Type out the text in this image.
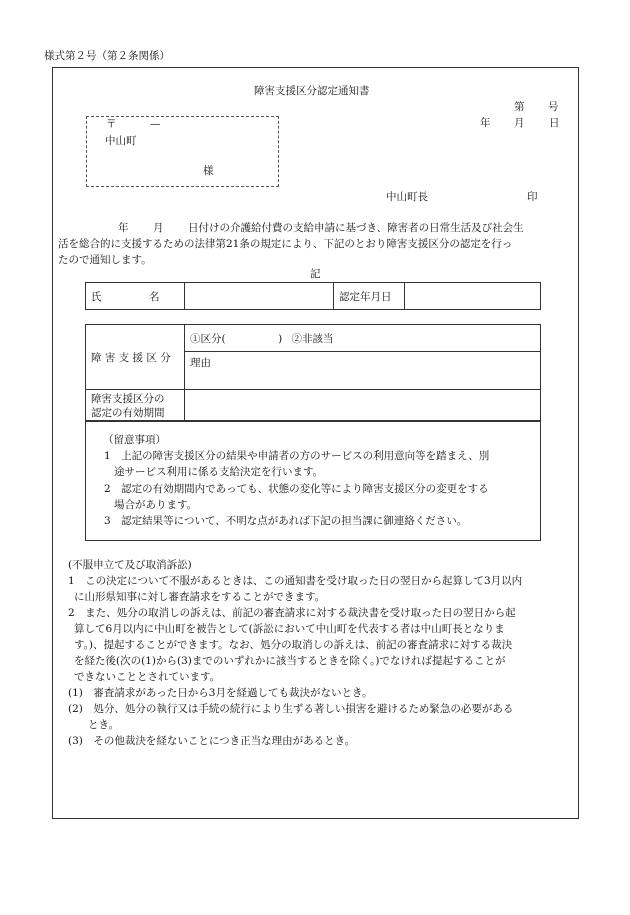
様式第２号（第２条関係）
障害支援区分認定通知書
第 号
年 月 日
〒	—
中山町
様
中山町長	印
年 月 日付けの介護給付費の支給申請に基づき、障害者の日常生活及び社会生
活を総合的に支援するための法律第21条の規定により、下記のとおり障害支援区分の認定を行っ
たので通知します。
記
氏	名		認定年月日	
障 害 支 援 区 分	①区分(　　　　　) ②非該当
	理由

障害支援区分の
認定の有効期間	

（留意事項）
1　上記の障害支援区分の結果や申請者の方のサービスの利用意向等を踏まえ、別
途サービス利用に係る支給決定を行います。
2　認定の有効期間内であっても、状態の変化等により障害支援区分の変更をする
場合があります。
3　認定結果等について、不明な点があれば下記の担当課に御連絡ください。
(不服申立て及び取消訴訟)
1　この決定について不服があるときは、この通知書を受け取った日の翌日から起算して3月以内
に山形県知事に対し審査請求をすることができます。
2　また、処分の取消しの訴えは、前記の審査請求に対する裁決書を受け取った日の翌日から起
算して6月以内に中山町を被告として(訴訟において中山町を代表する者は中山町長となりま
す。)、提起することができます。なお、処分の取消しの訴えは、前記の審査請求に対する裁決
を経た後(次の(1)から(3)までのいずれかに該当するときを除く。)でなければ提起することが
できないこととされています。
(1)　審査請求があった日から3月を経過しても裁決がないとき。
(2)　処分、処分の執行又は手続の続行により生ずる著しい損害を避けるため緊急の必要がある
とき。
(3)　その他裁決を経ないことにつき正当な理由があるとき。
